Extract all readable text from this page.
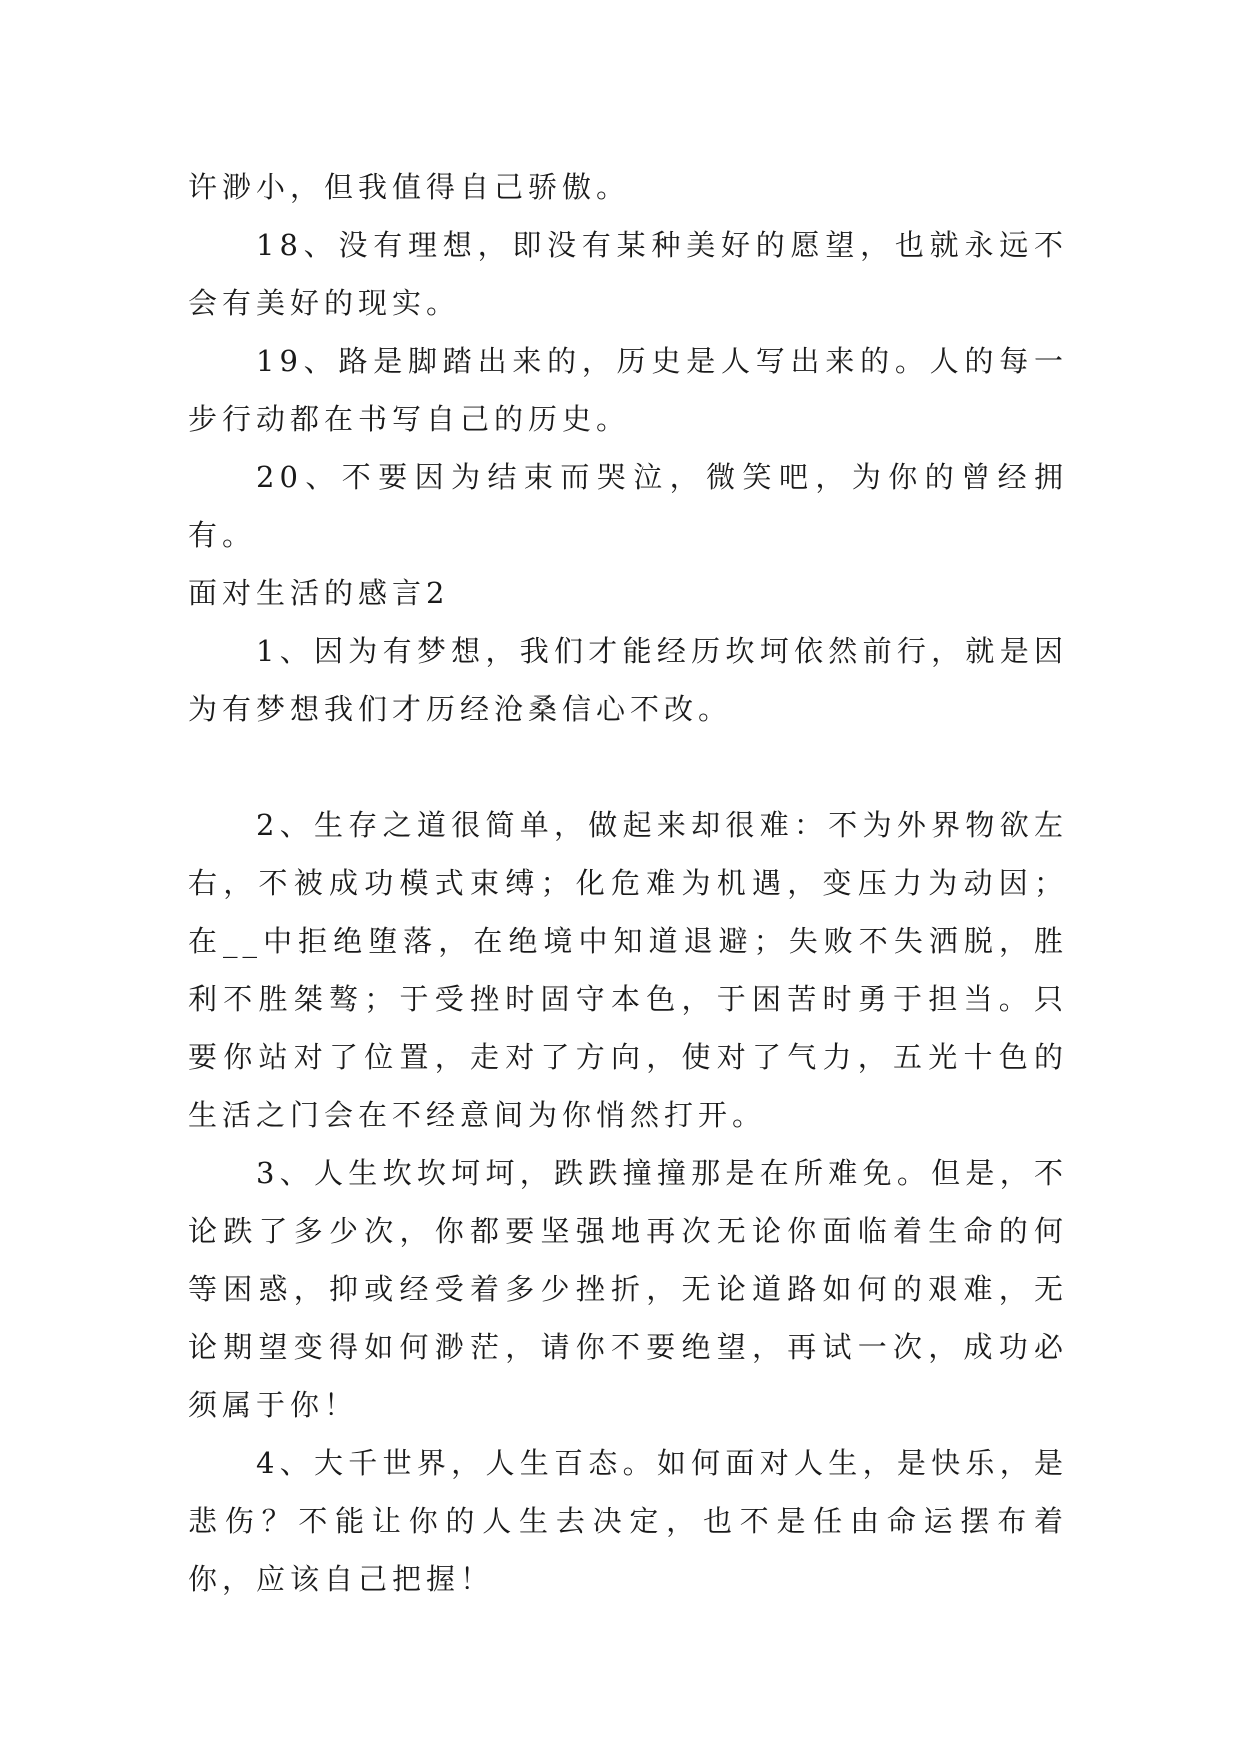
许渺小，但我值得自己骄傲。

18、没有理想，即没有某种美好的愿望，也就永远不会有美好的现实。

19、路是脚踏出来的，历史是人写出来的。人的每一步行动都在书写自己的历史。

20、不要因为结束而哭泣，微笑吧，为你的曾经拥有。

面对生活的感言2

1、因为有梦想，我们才能经历坎坷依然前行，就是因为有梦想我们才历经沧桑信心不改。

2、生存之道很简单，做起来却很难：不为外界物欲左右，不被成功模式束缚；化危难为机遇，变压力为动因；在__中拒绝堕落，在绝境中知道退避；失败不失洒脱，胜利不胜桀骜；于受挫时固守本色，于困苦时勇于担当。只要你站对了位置，走对了方向，使对了气力，五光十色的生活之门会在不经意间为你悄然打开。

3、人生坎坎坷坷，跌跌撞撞那是在所难免。但是，不论跌了多少次，你都要坚强地再次无论你面临着生命的何等困惑，抑或经受着多少挫折，无论道路如何的艰难，无论期望变得如何渺茫，请你不要绝望，再试一次，成功必须属于你！

4、大千世界，人生百态。如何面对人生，是快乐，是悲伤？不能让你的人生去决定，也不是任由命运摆布着你，应该自己把握！
